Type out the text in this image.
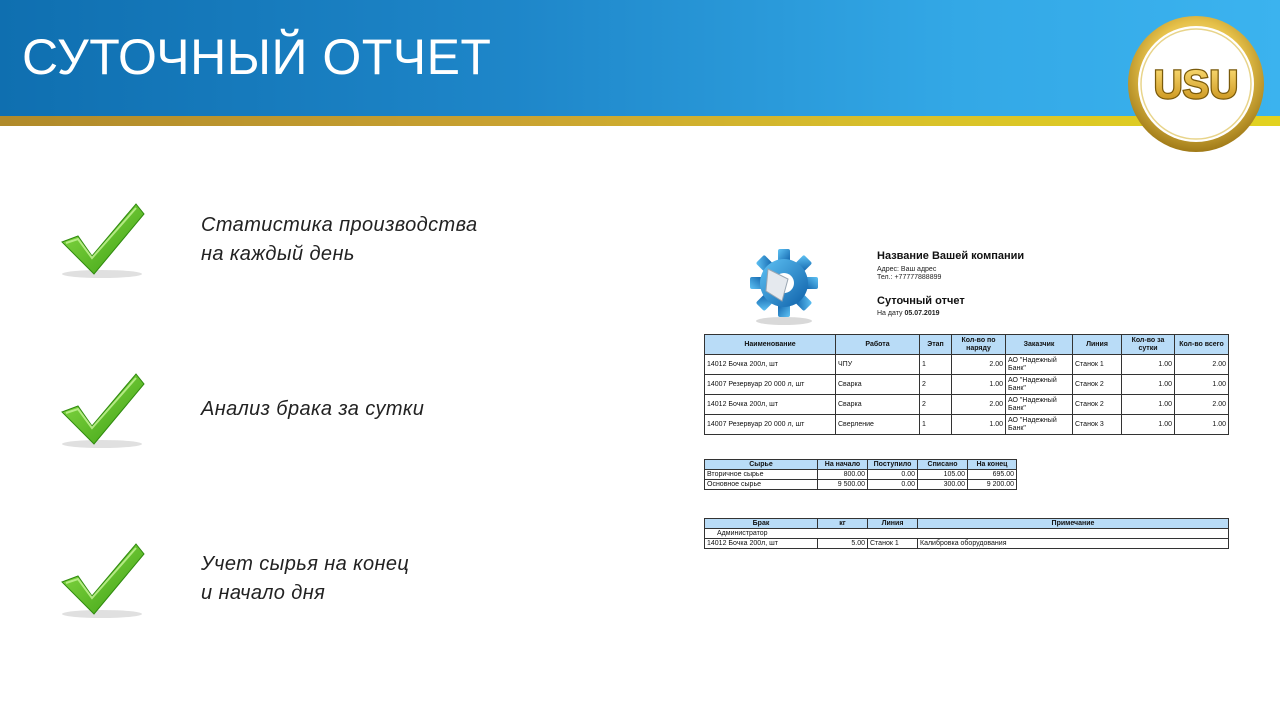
СУТОЧНЫЙ ОТЧЕТ	USU
Статистика производства
на каждый день
Анализ брака за сутки
Учет сырья на конец
и начало дня
Название Вашей компании
Адрес: Ваш адрес
Тел.: +77777888899
Суточный отчет
На дату 05.07.2019
Наименование	Работа	Этап	Кол-во по наряду	Заказчик	Линия	Кол-во за сутки	Кол-во всего
14012 Бочка 200л, шт	ЧПУ	1	2.00	АО "Надежный Банк"	Станок 1	1.00	2.00
14007 Резервуар 20 000 л, шт	Сварка	2	1.00	АО "Надежный Банк"	Станок 2	1.00	1.00
14012 Бочка 200л, шт	Сварка	2	2.00	АО "Надежный Банк"	Станок 2	1.00	2.00
14007 Резервуар 20 000 л, шт	Сверление	1	1.00	АО "Надежный Банк"	Станок 3	1.00	1.00
Сырье	На начало	Поступило	Списано	На конец
Вторичное сырье	800.00	0.00	105.00	695.00
Основное сырье	9 500.00	0.00	300.00	9 200.00
Брак	кг	Линия	Примечание
Администратор			
14012 Бочка 200л, шт	5.00	Станок 1	Калибровка оборудования
